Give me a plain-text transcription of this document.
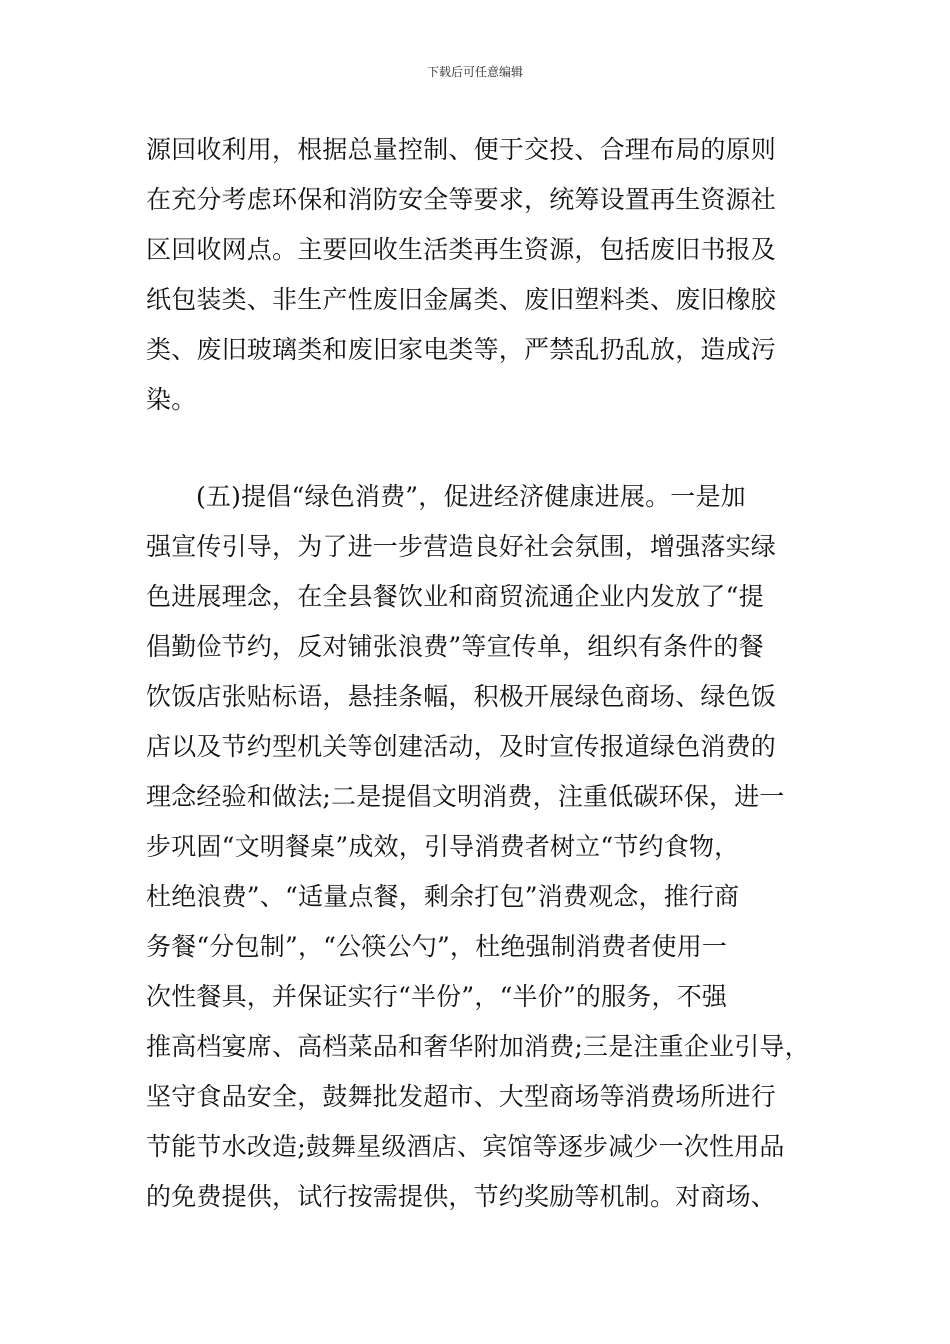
下载后可任意编辑
源回收利用，根据总量控制、便于交投、合理布局的原则
在充分考虑环保和消防安全等要求，统筹设置再生资源社
区回收网点。主要回收生活类再生资源，包括废旧书报及
纸包装类、非生产性废旧金属类、废旧塑料类、废旧橡胶
类、废旧玻璃类和废旧家电类等，严禁乱扔乱放，造成污
染。
(五)提倡“绿色消费”，促进经济健康进展。一是加
强宣传引导，为了进一步营造良好社会氛围，增强落实绿
色进展理念，在全县餐饮业和商贸流通企业内发放了“提
倡勤俭节约，反对铺张浪费”等宣传单，组织有条件的餐
饮饭店张贴标语，悬挂条幅，积极开展绿色商场、绿色饭
店以及节约型机关等创建活动，及时宣传报道绿色消费的
理念经验和做法;二是提倡文明消费，注重低碳环保，进一
步巩固“文明餐桌”成效，引导消费者树立“节约食物，
杜绝浪费”、“适量点餐，剩余打包”消费观念，推行商
务餐“分包制”，“公筷公勺”，杜绝强制消费者使用一
次性餐具，并保证实行“半份”，“半价”的服务，不强
推高档宴席、高档菜品和奢华附加消费;三是注重企业引导，
坚守食品安全，鼓舞批发超市、大型商场等消费场所进行
节能节水改造;鼓舞星级酒店、宾馆等逐步减少一次性用品
的免费提供，试行按需提供，节约奖励等机制。对商场、
